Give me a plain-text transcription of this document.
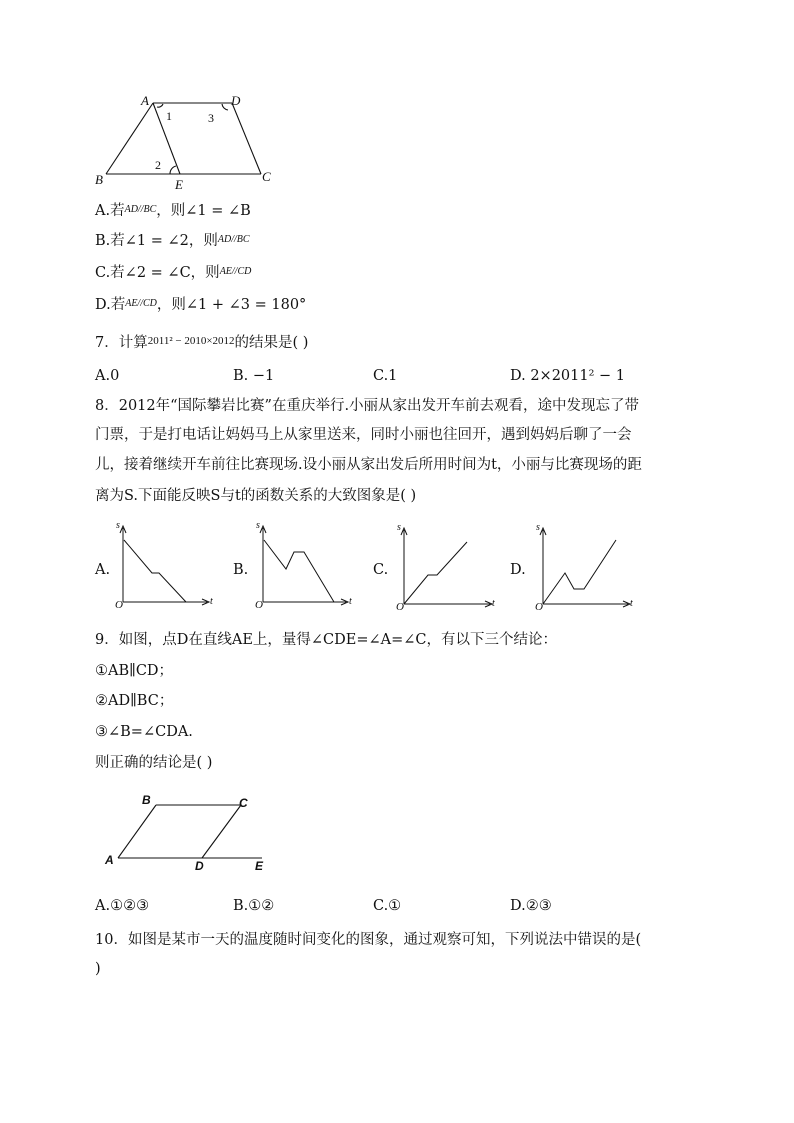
A	D
B	E
C
1
2
3
A.若$^{AD//BC}$，则∠1 = ∠B
B.若∠1 = ∠2，则$^{AD//BC}$
C.若∠2 = ∠C，则$^{AE//CD}$
D.若$^{AE//CD}$，则∠1 + ∠3 = 180°
7．计算$^{2011^2 - 2010\times 2012}$的结果是( )
A.0	B. −1	C.1	D. 2×2011² − 1
8．2012年“国际攀岩比赛”在重庆举行.小丽从家出发开车前去观看，途中发现忘了带
门票，于是打电话让妈妈马上从家里送来，同时小丽也往回开，遇到妈妈后聊了一会
儿，接着继续开车前往比赛现场.设小丽从家出发后所用时间为t，小丽与比赛现场的距
离为S.下面能反映S与t的函数关系的大致图象是( )
A.	B.	C.	D.
s
t
O
s
t
O
s
t
O
s
t
O
9．如图，点D在直线AE上，量得∠CDE=∠A=∠C，有以下三个结论：
①AB∥CD；
②AD∥BC；
③∠B=∠CDA.
则正确的结论是( )
B	C
A	D	E
A.①②③	B.①②	C.①	D.②③
10．如图是某市一天的温度随时间变化的图象，通过观察可知，下列说法中错误的是(
)
